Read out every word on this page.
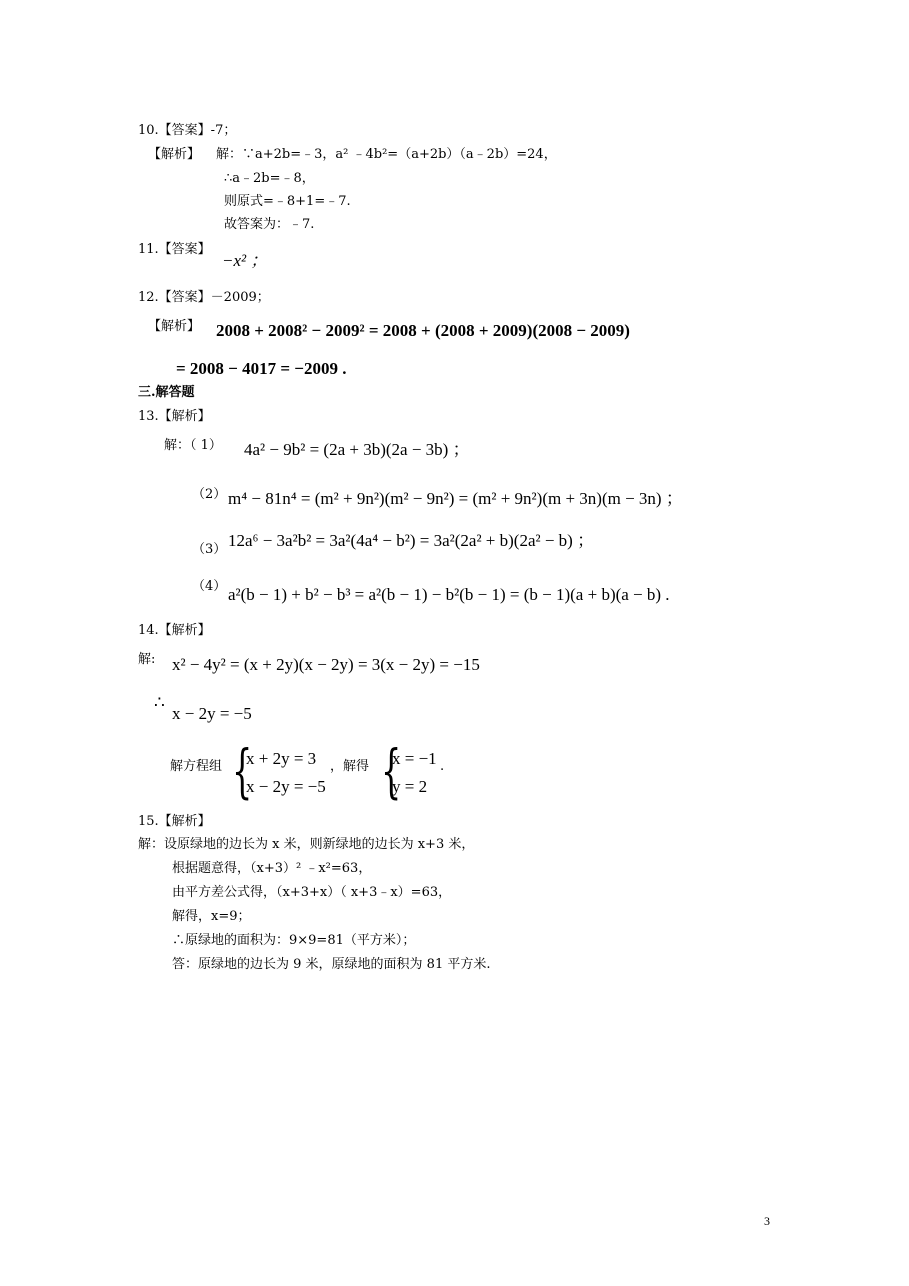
10.【答案】-7；
【解析】 解：∵a+2b=﹣3，a² ﹣4b²=（a+2b）（a﹣2b）=24，
∴a﹣2b=﹣8，
则原式=﹣8+1=﹣7.
故答案为：﹣7.
11.【答案】
−x² ；
12.【答案】－2009；
【解析】 2008 + 2008² − 2009² = 2008 + (2008 + 2009)(2008 − 2009)
= 2008 − 4017 = −2009 .
三.解答题
13.【解析】
解：（ 1） 4a² − 9b² = (2a + 3b)(2a − 3b) ；
（2） m⁴ − 81n⁴ = (m² + 9n²)(m² − 9n²) = (m² + 9n²)(m + 3n)(m − 3n) ；
（3） 12a⁶ − 3a²b² = 3a²(4a⁴ − b²) = 3a²(2a² + b)(2a² − b) ；
（4） a²(b − 1) + b² − b³ = a²(b − 1) − b²(b − 1) = (b − 1)(a + b)(a − b) .
14.【解析】
解: x² − 4y² = (x + 2y)(x − 2y) = 3(x − 2y) = −15
∴
x − 2y = −5
解方程组 {
x + 2y = 3
x − 2y = −5
，解得 {
x = −1
y = 2
.
15.【解析】
解：设原绿地的边长为 x 米，则新绿地的边长为 x+3 米，
根据题意得，（x+3）² ﹣x²=63，
由平方差公式得，（x+3+x）（ x+3﹣x）=63，
解得，x=9；
∴原绿地的面积为：9×9=81（平方米）；
答：原绿地的边长为 9 米，原绿地的面积为 81 平方米.
3
